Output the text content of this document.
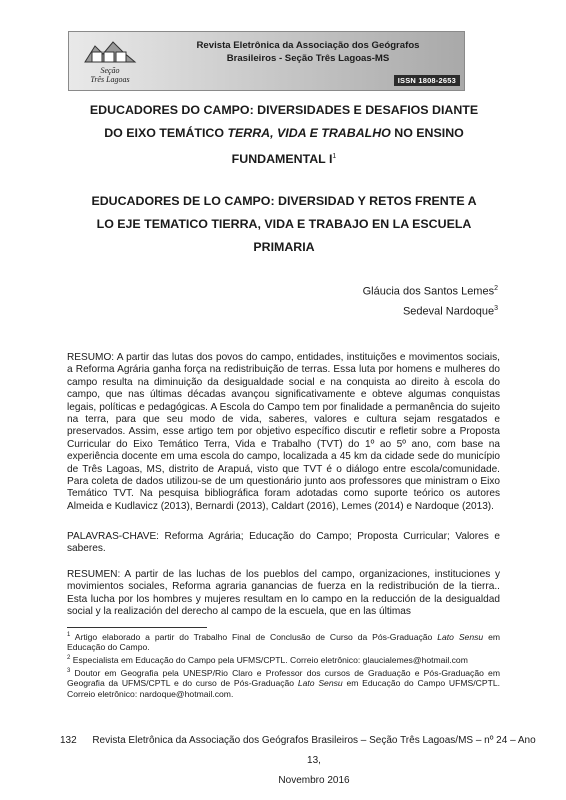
Seção
Três Lagoas
Revista Eletrônica da Associação dos Geógrafos
Brasileiros - Seção Três Lagoas-MS
ISSN 1808-2653
EDUCADORES DO CAMPO: DIVERSIDADES E DESAFIOS DIANTE
DO EIXO TEMÁTICO TERRA, VIDA E TRABALHO NO ENSINO
FUNDAMENTAL $I^1$
EDUCADORES DE LO CAMPO: DIVERSIDAD Y RETOS FRENTE A
LO EJE TEMATICO TIERRA, VIDA E TRABAJO EN LA ESCUELA
PRIMARIA
Gláucia dos Santos Lemes$^2$
Sedeval Nardoque$^3$
RESUMO: A partir das lutas dos povos do campo, entidades, instituições e movimentos sociais, a Reforma Agrária ganha força na redistribuição de terras. Essa luta por homens e mulheres do campo resulta na diminuição da desigualdade social e na conquista ao direito à escola do campo, que nas últimas décadas avançou significativamente e obteve algumas conquistas legais, políticas e pedagógicas. A Escola do Campo tem por finalidade a permanência do sujeito na terra, para que seu modo de vida, saberes, valores e cultura sejam resgatados e preservados. Assim, esse artigo tem por objetivo específico discutir e refletir sobre a Proposta Curricular do Eixo Temático Terra, Vida e Trabalho (TVT) do 1º ao 5º ano, com base na experiência docente em uma escola do campo, localizada a 45 km da cidade sede do município de Três Lagoas, MS, distrito de Arapuá, visto que TVT é o diálogo entre escola/comunidade. Para coleta de dados utilizou-se de um questionário junto aos professores que ministram o Eixo Temático TVT. Na pesquisa bibliográfica foram adotadas como suporte teórico os autores Almeida e Kudlavicz (2013), Bernardi (2013), Caldart (2016), Lemes (2014) e Nardoque (2013).
PALAVRAS-CHAVE: Reforma Agrária; Educação do Campo; Proposta Curricular; Valores e saberes.
RESUMEN: A partir de las luchas de los pueblos del campo, organizaciones, instituciones y movimientos sociales, Reforma agraria ganancias de fuerza en la redistribución de la tierra.. Esta lucha por los hombres y mujeres resultam en lo campo en la reducción de la desigualdad social y la realización del derecho al campo de la escuela, que en las últimas
$^1$ Artigo elaborado a partir do Trabalho Final de Conclusão de Curso da Pós-Graduação Lato Sensu em Educação do Campo.
$^2$ Especialista em Educação do Campo pela UFMS/CPTL. Correio eletrônico: glaucialemes@hotmail.com
$^3$ Doutor em Geografia pela UNESP/Rio Claro e Professor dos cursos de Graduação e Pós-Graduação em Geografia da UFMS/CPTL e do curso de Pós-Graduação Lato Sensu em Educação do Campo UFMS/CPTL. Correio eletrônico: nardoque@hotmail.com.
132	Revista Eletrônica da Associação dos Geógrafos Brasileiros – Seção Três Lagoas/MS – nº 24 – Ano 13,
Novembro 2016
